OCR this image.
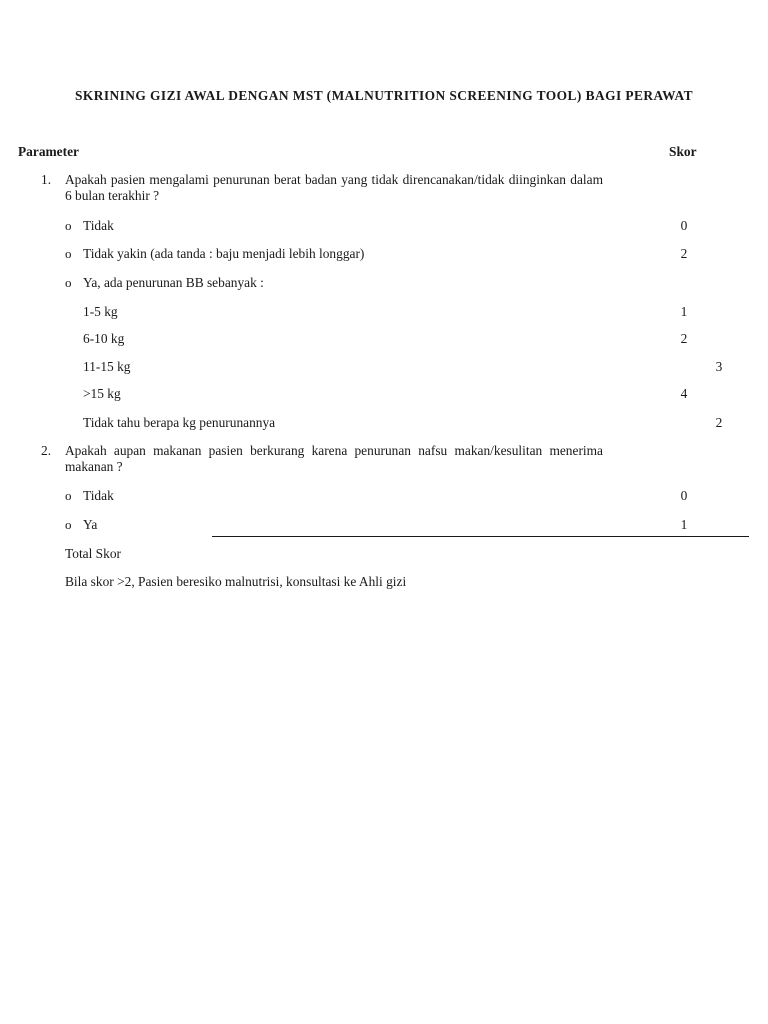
SKRINING GIZI AWAL DENGAN MST (MALNUTRITION SCREENING TOOL) BAGI PERAWAT
Parameter	Skor
1. Apakah pasien mengalami penurunan berat badan yang tidak direncanakan/tidak diinginkan dalam 6 bulan terakhir ?
o Tidak	0
o Tidak yakin (ada tanda : baju menjadi lebih longgar)	2
o Ya, ada penurunan BB sebanyak :
1-5 kg	1
6-10 kg	2
11-15 kg	3
>15 kg	4
Tidak tahu berapa kg penurunannya	2
2. Apakah aupan makanan pasien berkurang karena penurunan nafsu makan/kesulitan menerima makanan ?
o Tidak	0
o Ya	1
Total Skor
Bila skor >2, Pasien beresiko malnutrisi, konsultasi ke Ahli gizi
